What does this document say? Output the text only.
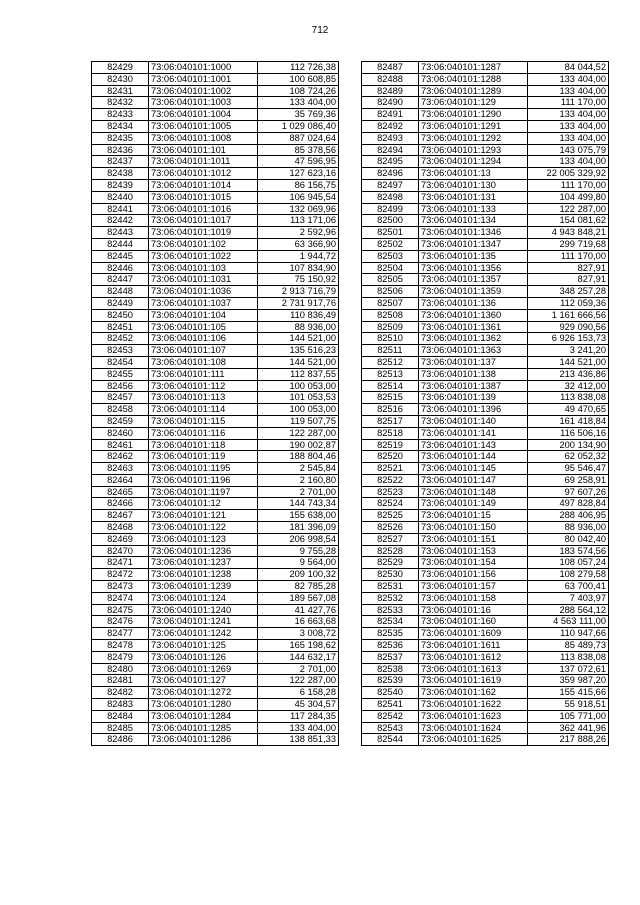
712
82429	73:06:040101:1000	112 726,38
82430	73:06:040101:1001	100 608,85
82431	73:06:040101:1002	108 724,26
82432	73:06:040101:1003	133 404,00
82433	73:06:040101:1004	35 769,36
82434	73:06:040101:1005	1 029 086,40
82435	73:06:040101:1008	887 024,64
82436	73:06:040101:101	85 378,56
82437	73:06:040101:1011	47 596,95
82438	73:06:040101:1012	127 623,16
82439	73:06:040101:1014	86 156,75
82440	73:06:040101:1015	106 945,54
82441	73:06:040101:1016	132 069,96
82442	73:06:040101:1017	113 171,06
82443	73:06:040101:1019	2 592,96
82444	73:06:040101:102	63 366,90
82445	73:06:040101:1022	1 944,72
82446	73:06:040101:103	107 834,90
82447	73:06:040101:1031	75 150,92
82448	73:06:040101:1036	2 913 716,79
82449	73:06:040101:1037	2 731 917,76
82450	73:06:040101:104	110 836,49
82451	73:06:040101:105	88 936,00
82452	73:06:040101:106	144 521,00
82453	73:06:040101:107	135 516,23
82454	73:06:040101:108	144 521,00
82455	73:06:040101:111	112 837,55
82456	73:06:040101:112	100 053,00
82457	73:06:040101:113	101 053,53
82458	73:06:040101:114	100 053,00
82459	73:06:040101:115	119 507,75
82460	73:06:040101:116	122 287,00
82461	73:06:040101:118	190 002,87
82462	73:06:040101:119	188 804,46
82463	73:06:040101:1195	2 545,84
82464	73:06:040101:1196	2 160,80
82465	73:06:040101:1197	2 701,00
82466	73:06:040101:12	144 743,34
82467	73:06:040101:121	155 638,00
82468	73:06:040101:122	181 396,09
82469	73:06:040101:123	206 998,54
82470	73:06:040101:1236	9 755,28
82471	73:06:040101:1237	9 564,00
82472	73:06:040101:1238	209 100,32
82473	73:06:040101:1239	82 785,28
82474	73:06:040101:124	189 567,08
82475	73:06:040101:1240	41 427,76
82476	73:06:040101:1241	16 663,68
82477	73:06:040101:1242	3 008,72
82478	73:06:040101:125	165 198,62
82479	73:06:040101:126	144 632,17
82480	73:06:040101:1269	2 701,00
82481	73:06:040101:127	122 287,00
82482	73:06:040101:1272	6 158,28
82483	73:06:040101:1280	45 304,57
82484	73:06:040101:1284	117 284,35
82485	73:06:040101:1285	133 404,00
82486	73:06:040101:1286	138 851,33
82487	73:06:040101:1287	84 044,52
82488	73:06:040101:1288	133 404,00
82489	73:06:040101:1289	133 404,00
82490	73:06:040101:129	111 170,00
82491	73:06:040101:1290	133 404,00
82492	73:06:040101:1291	133 404,00
82493	73:06:040101:1292	133 404,00
82494	73:06:040101:1293	143 075,79
82495	73:06:040101:1294	133 404,00
82496	73:06:040101:13	22 005 329,92
82497	73:06:040101:130	111 170,00
82498	73:06:040101:131	104 499,80
82499	73:06:040101:133	122 287,00
82500	73:06:040101:134	154 081,62
82501	73:06:040101:1346	4 943 848,21
82502	73:06:040101:1347	299 719,68
82503	73:06:040101:135	111 170,00
82504	73:06:040101:1356	827,91
82505	73:06:040101:1357	827,91
82506	73:06:040101:1359	348 257,28
82507	73:06:040101:136	112 059,36
82508	73:06:040101:1360	1 161 666,56
82509	73:06:040101:1361	929 090,56
82510	73:06:040101:1362	6 926 153,73
82511	73:06:040101:1363	3 241,20
82512	73:06:040101:137	144 521,00
82513	73:06:040101:138	213 436,86
82514	73:06:040101:1387	32 412,00
82515	73:06:040101:139	113 838,08
82516	73:06:040101:1396	49 470,65
82517	73:06:040101:140	161 418,84
82518	73:06:040101:141	116 506,16
82519	73:06:040101:143	200 134,90
82520	73:06:040101:144	62 052,32
82521	73:06:040101:145	95 546,47
82522	73:06:040101:147	69 258,91
82523	73:06:040101:148	97 607,26
82524	73:06:040101:149	497 828,84
82525	73:06:040101:15	288 406,95
82526	73:06:040101:150	88 936,00
82527	73:06:040101:151	80 042,40
82528	73:06:040101:153	183 574,56
82529	73:06:040101:154	108 057,24
82530	73:06:040101:156	108 279,58
82531	73:06:040101:157	63 700,41
82532	73:06:040101:158	7 403,97
82533	73:06:040101:16	288 564,12
82534	73:06:040101:160	4 563 111,00
82535	73:06:040101:1609	110 947,66
82536	73:06:040101:1611	85 489,73
82537	73:06:040101:1612	113 838,08
82538	73:06:040101:1613	137 072,61
82539	73:06:040101:1619	359 987,20
82540	73:06:040101:162	155 415,66
82541	73:06:040101:1622	55 918,51
82542	73:06:040101:1623	105 771,00
82543	73:06:040101:1624	362 441,96
82544	73:06:040101:1625	217 888,26
